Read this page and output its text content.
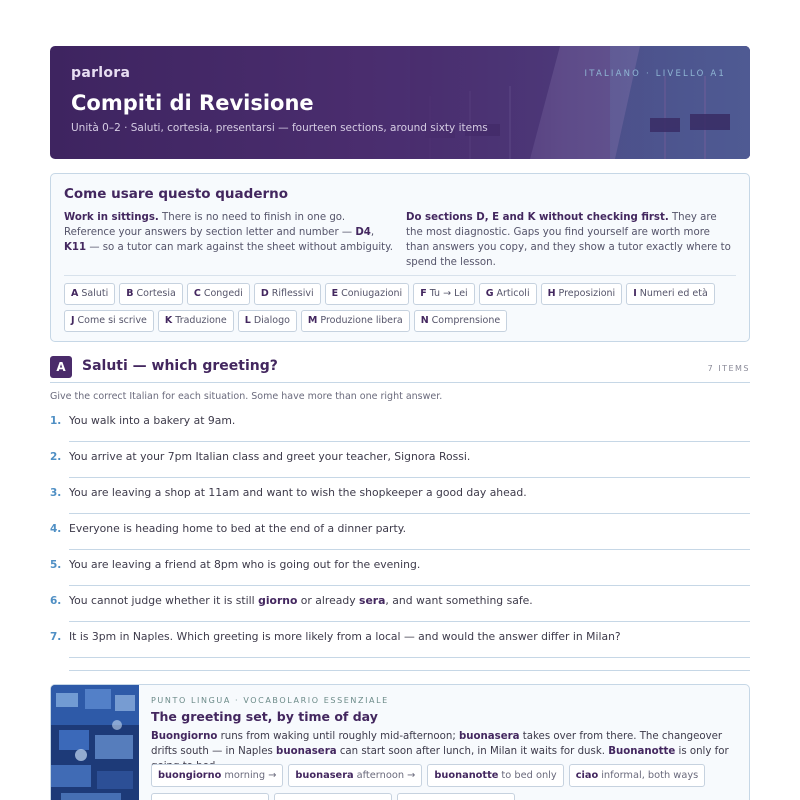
parlora	ITALIANO · LIVELLO A1
Compiti di Revisione
Unità 0–2 · Saluti, cortesia, presentarsi — fourteen sections, around sixty items
Come usare questo quaderno
Work in sittings. There is no need to finish in one go. Reference your answers by section letter and number — D4, K11 — so a tutor can mark against the sheet without ambiguity.
Do sections D, E and K without checking first. They are the most diagnostic. Gaps you find yourself are worth more than answers you copy, and they show a tutor exactly where to spend the lesson.
A Saluti	B Cortesia	C Congedi	D Riflessivi	E Coniugazioni	F Tu → Lei	G Articoli	H Preposizioni	I Numeri ed età
J Come si scrive	K Traduzione	L Dialogo	M Produzione libera	N Comprensione
A	Saluti — which greeting?	7 ITEMS
Give the correct Italian for each situation. Some have more than one right answer.
1. You walk into a bakery at 9am.
2. You arrive at your 7pm Italian class and greet your teacher, Signora Rossi.
3. You are leaving a shop at 11am and want to wish the shopkeeper a good day ahead.
4. Everyone is heading home to bed at the end of a dinner party.
5. You are leaving a friend at 8pm who is going out for the evening.
6. You cannot judge whether it is still giorno or already sera, and want something safe.
7. It is 3pm in Naples. Which greeting is more likely from a local — and would the answer differ in Milan?
PUNTO LINGUA · VOCABOLARIO ESSENZIALE
The greeting set, by time of day
Buongiorno runs from waking until roughly mid-afternoon; buonasera takes over from there. The changeover drifts south — in Naples buonasera can start soon after lunch, in Milan it waits for dusk. Buonanotte is only for
buongiorno morning →	buonasera afternoon →	buonanotte to bed only	ciao informal, both ways
